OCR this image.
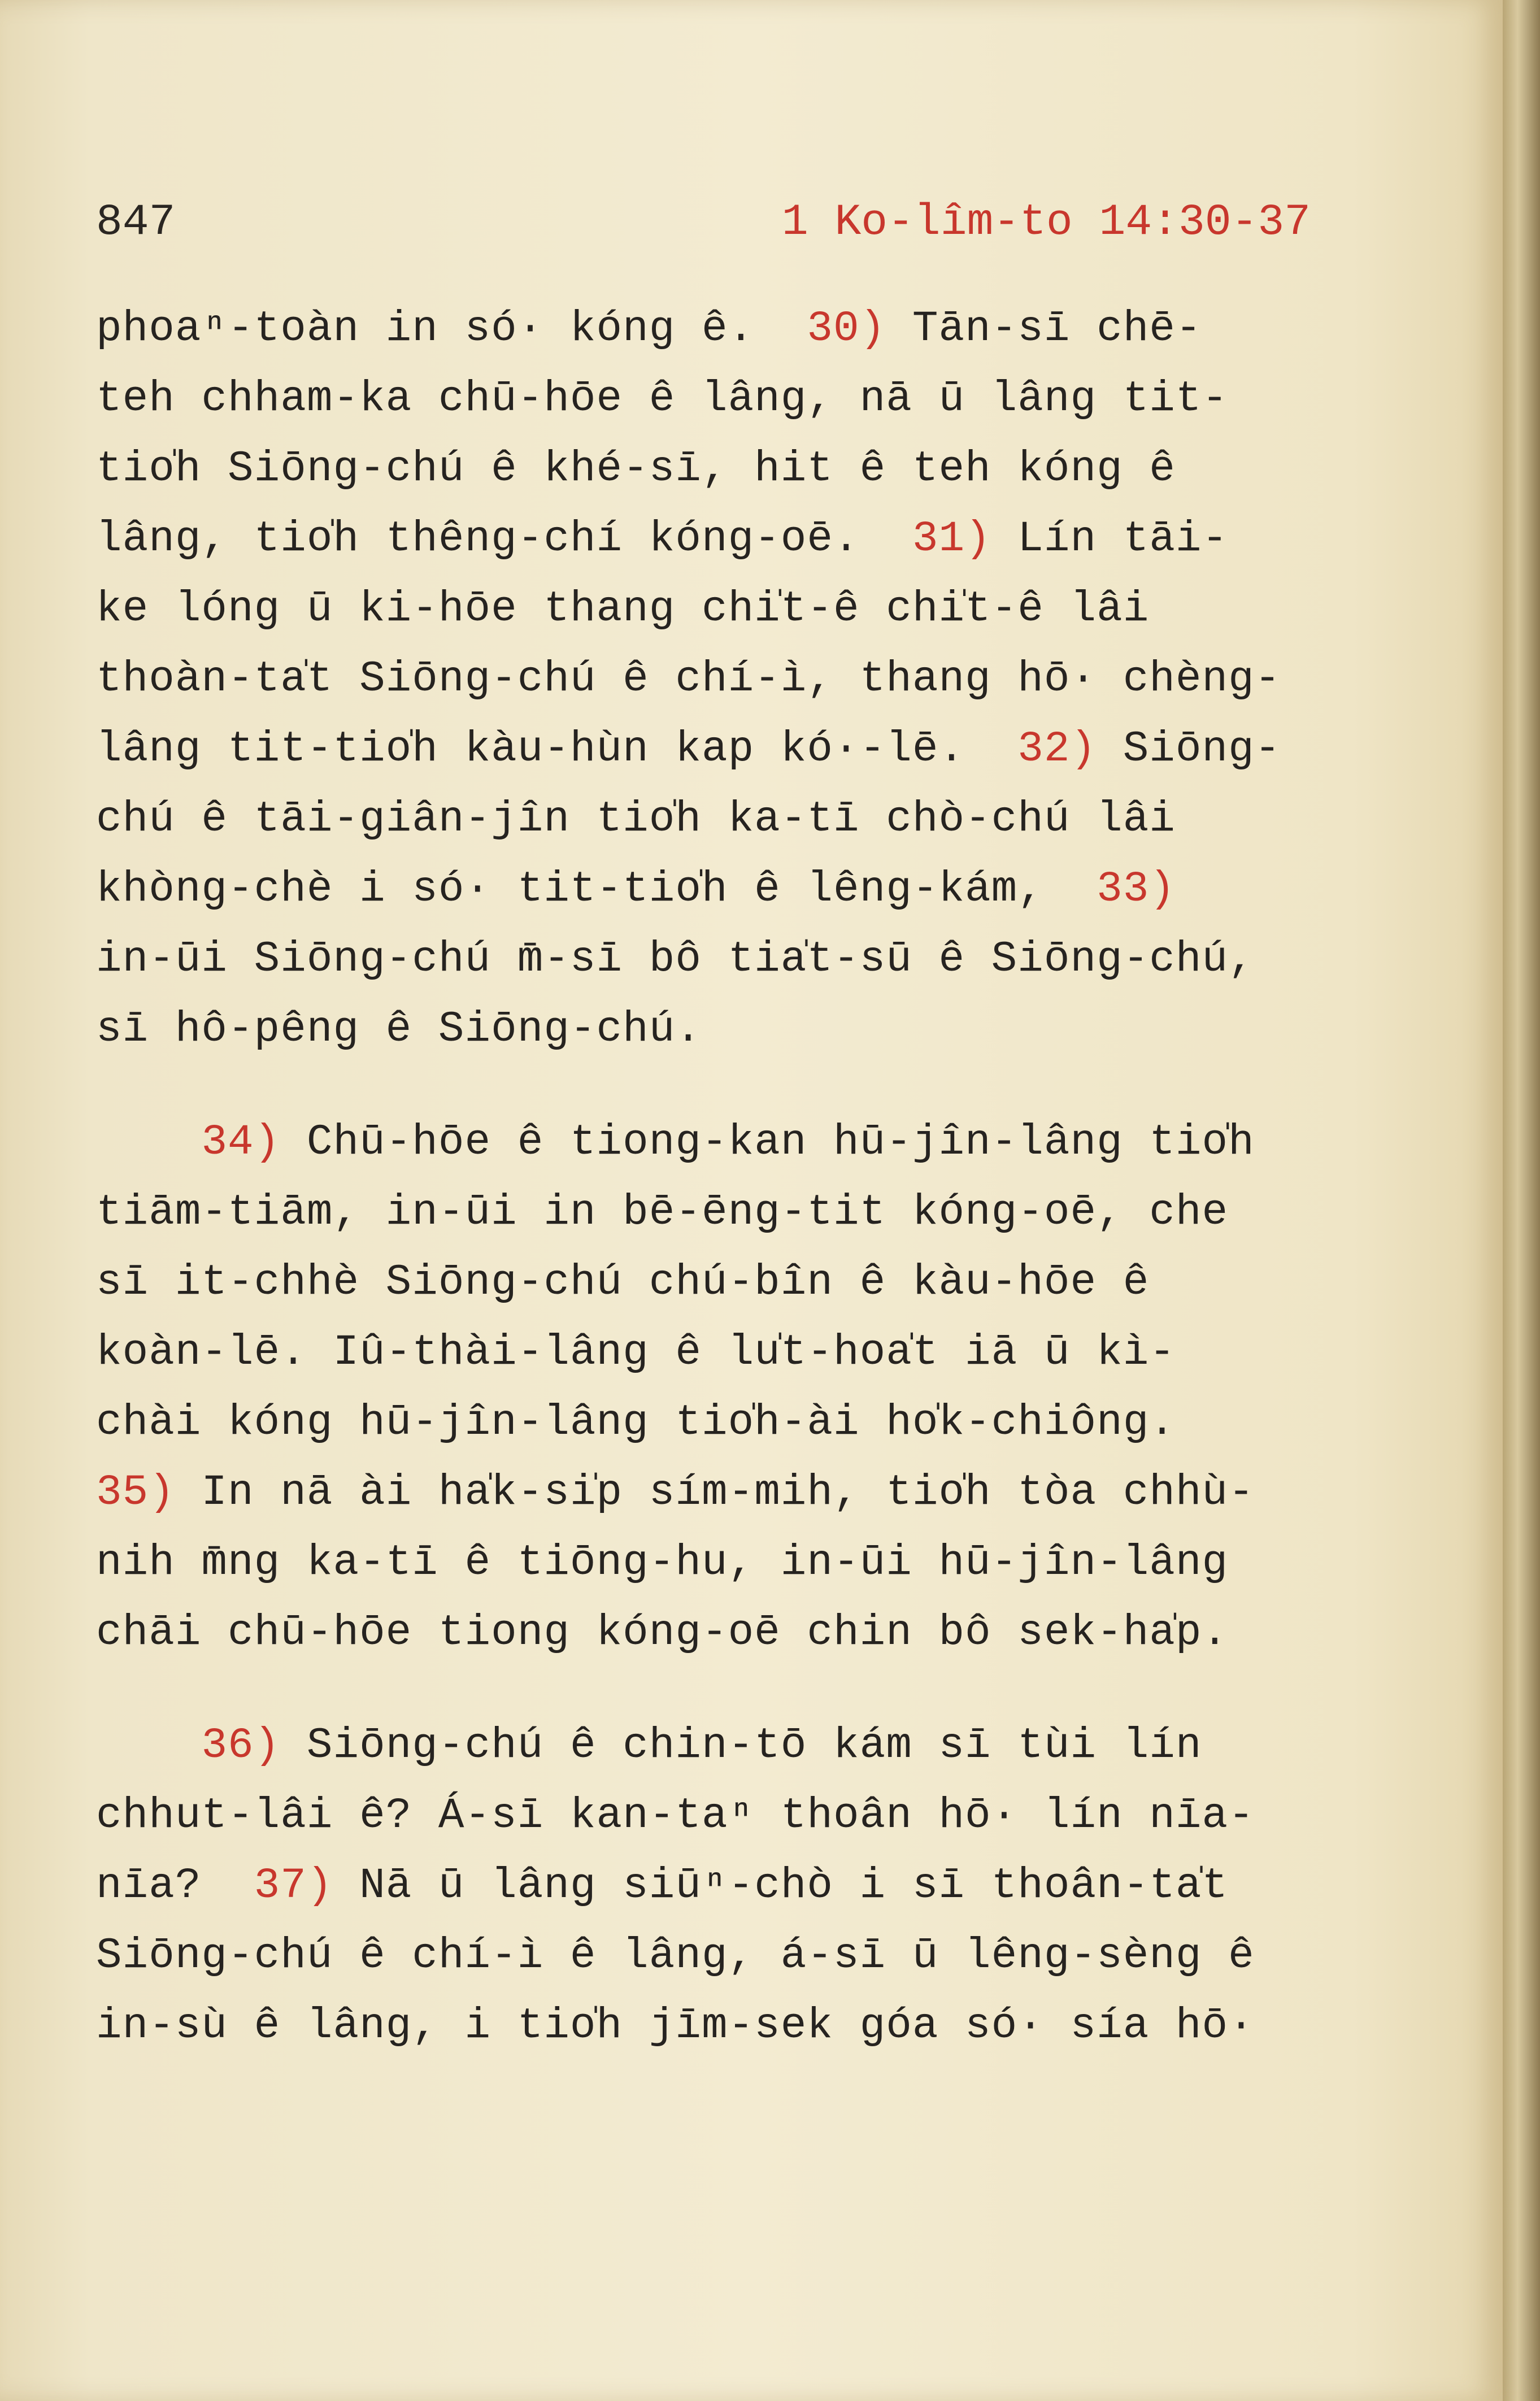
847	1 Ko-lîm-to 14:30-37
phoaⁿ-toàn in só· kóng ê.  30) Tān-sī chē-
teh chham-ka chū-hōe ê lâng, nā ū lâng tit-
tio̍h Siōng-chú ê khé-sī, hit ê teh kóng ê
lâng, tio̍h thêng-chí kóng-oē.  31) Lín tāi-
ke lóng ū ki-hōe thang chi̍t-ê chi̍t-ê lâi
thoàn-ta̍t Siōng-chú ê chí-ì, thang hō· chèng-
lâng tit-tio̍h kàu-hùn kap kó·-lē.  32) Siōng-
chú ê tāi-giân-jîn tio̍h ka-tī chò-chú lâi
khòng-chè i só· tit-tio̍h ê lêng-kám,  33)
in-ūi Siōng-chú m̄-sī bô tia̍t-sū ê Siōng-chú,
sī hô-pêng ê Siōng-chú.
34) Chū-hōe ê tiong-kan hū-jîn-lâng tio̍h
tiām-tiām, in-ūi in bē-ēng-tit kóng-oē, che
sī it-chhè Siōng-chú chú-bîn ê kàu-hōe ê
koàn-lē. Iû-thài-lâng ê lu̍t-hoa̍t iā ū kì-
chài kóng hū-jîn-lâng tio̍h-ài ho̍k-chiông.
35) In nā ài ha̍k-si̍p sím-mih, tio̍h tòa chhù-
nih m̄ng ka-tī ê tiōng-hu, in-ūi hū-jîn-lâng
chāi chū-hōe tiong kóng-oē chin bô sek-ha̍p.
36) Siōng-chú ê chin-tō kám sī tùi lín
chhut-lâi ê? Á-sī kan-taⁿ thoân hō· lín nīa-
nīa?  37) Nā ū lâng siūⁿ-chò i sī thoân-ta̍t
Siōng-chú ê chí-ì ê lâng, á-sī ū lêng-sèng ê
in-sù ê lâng, i tio̍h jīm-sek góa só· sía hō·
